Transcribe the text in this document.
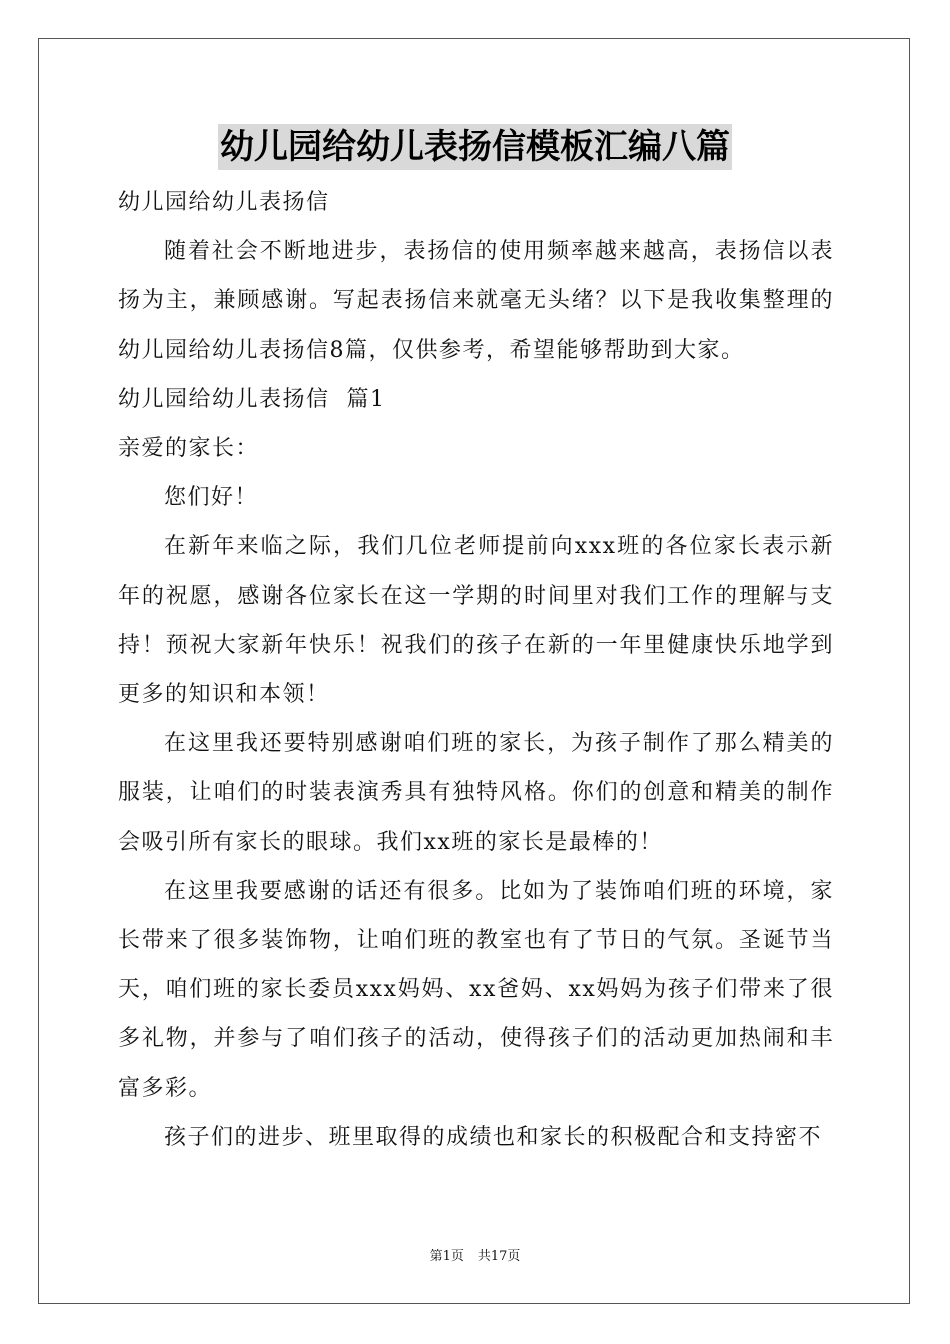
幼儿园给幼儿表扬信模板汇编八篇

幼儿园给幼儿表扬信

随着社会不断地进步，表扬信的使用频率越来越高，表扬信以表扬为主，兼顾感谢。写起表扬信来就毫无头绪？以下是我收集整理的幼儿园给幼儿表扬信8篇，仅供参考，希望能够帮助到大家。

幼儿园给幼儿表扬信  篇1

亲爱的家长：

您们好！

在新年来临之际，我们几位老师提前向xxx班的各位家长表示新年的祝愿，感谢各位家长在这一学期的时间里对我们工作的理解与支持！预祝大家新年快乐！祝我们的孩子在新的一年里健康快乐地学到更多的知识和本领！

在这里我还要特别感谢咱们班的家长，为孩子制作了那么精美的服装，让咱们的时装表演秀具有独特风格。你们的创意和精美的制作会吸引所有家长的眼球。我们xx班的家长是最棒的！

在这里我要感谢的话还有很多。比如为了装饰咱们班的环境，家长带来了很多装饰物，让咱们班的教室也有了节日的气氛。圣诞节当天，咱们班的家长委员xxx妈妈、xx爸妈、xx妈妈为孩子们带来了很多礼物，并参与了咱们孩子的活动，使得孩子们的活动更加热闹和丰富多彩。

孩子们的进步、班里取得的成绩也和家长的积极配合和支持密不

第1页 共17页
